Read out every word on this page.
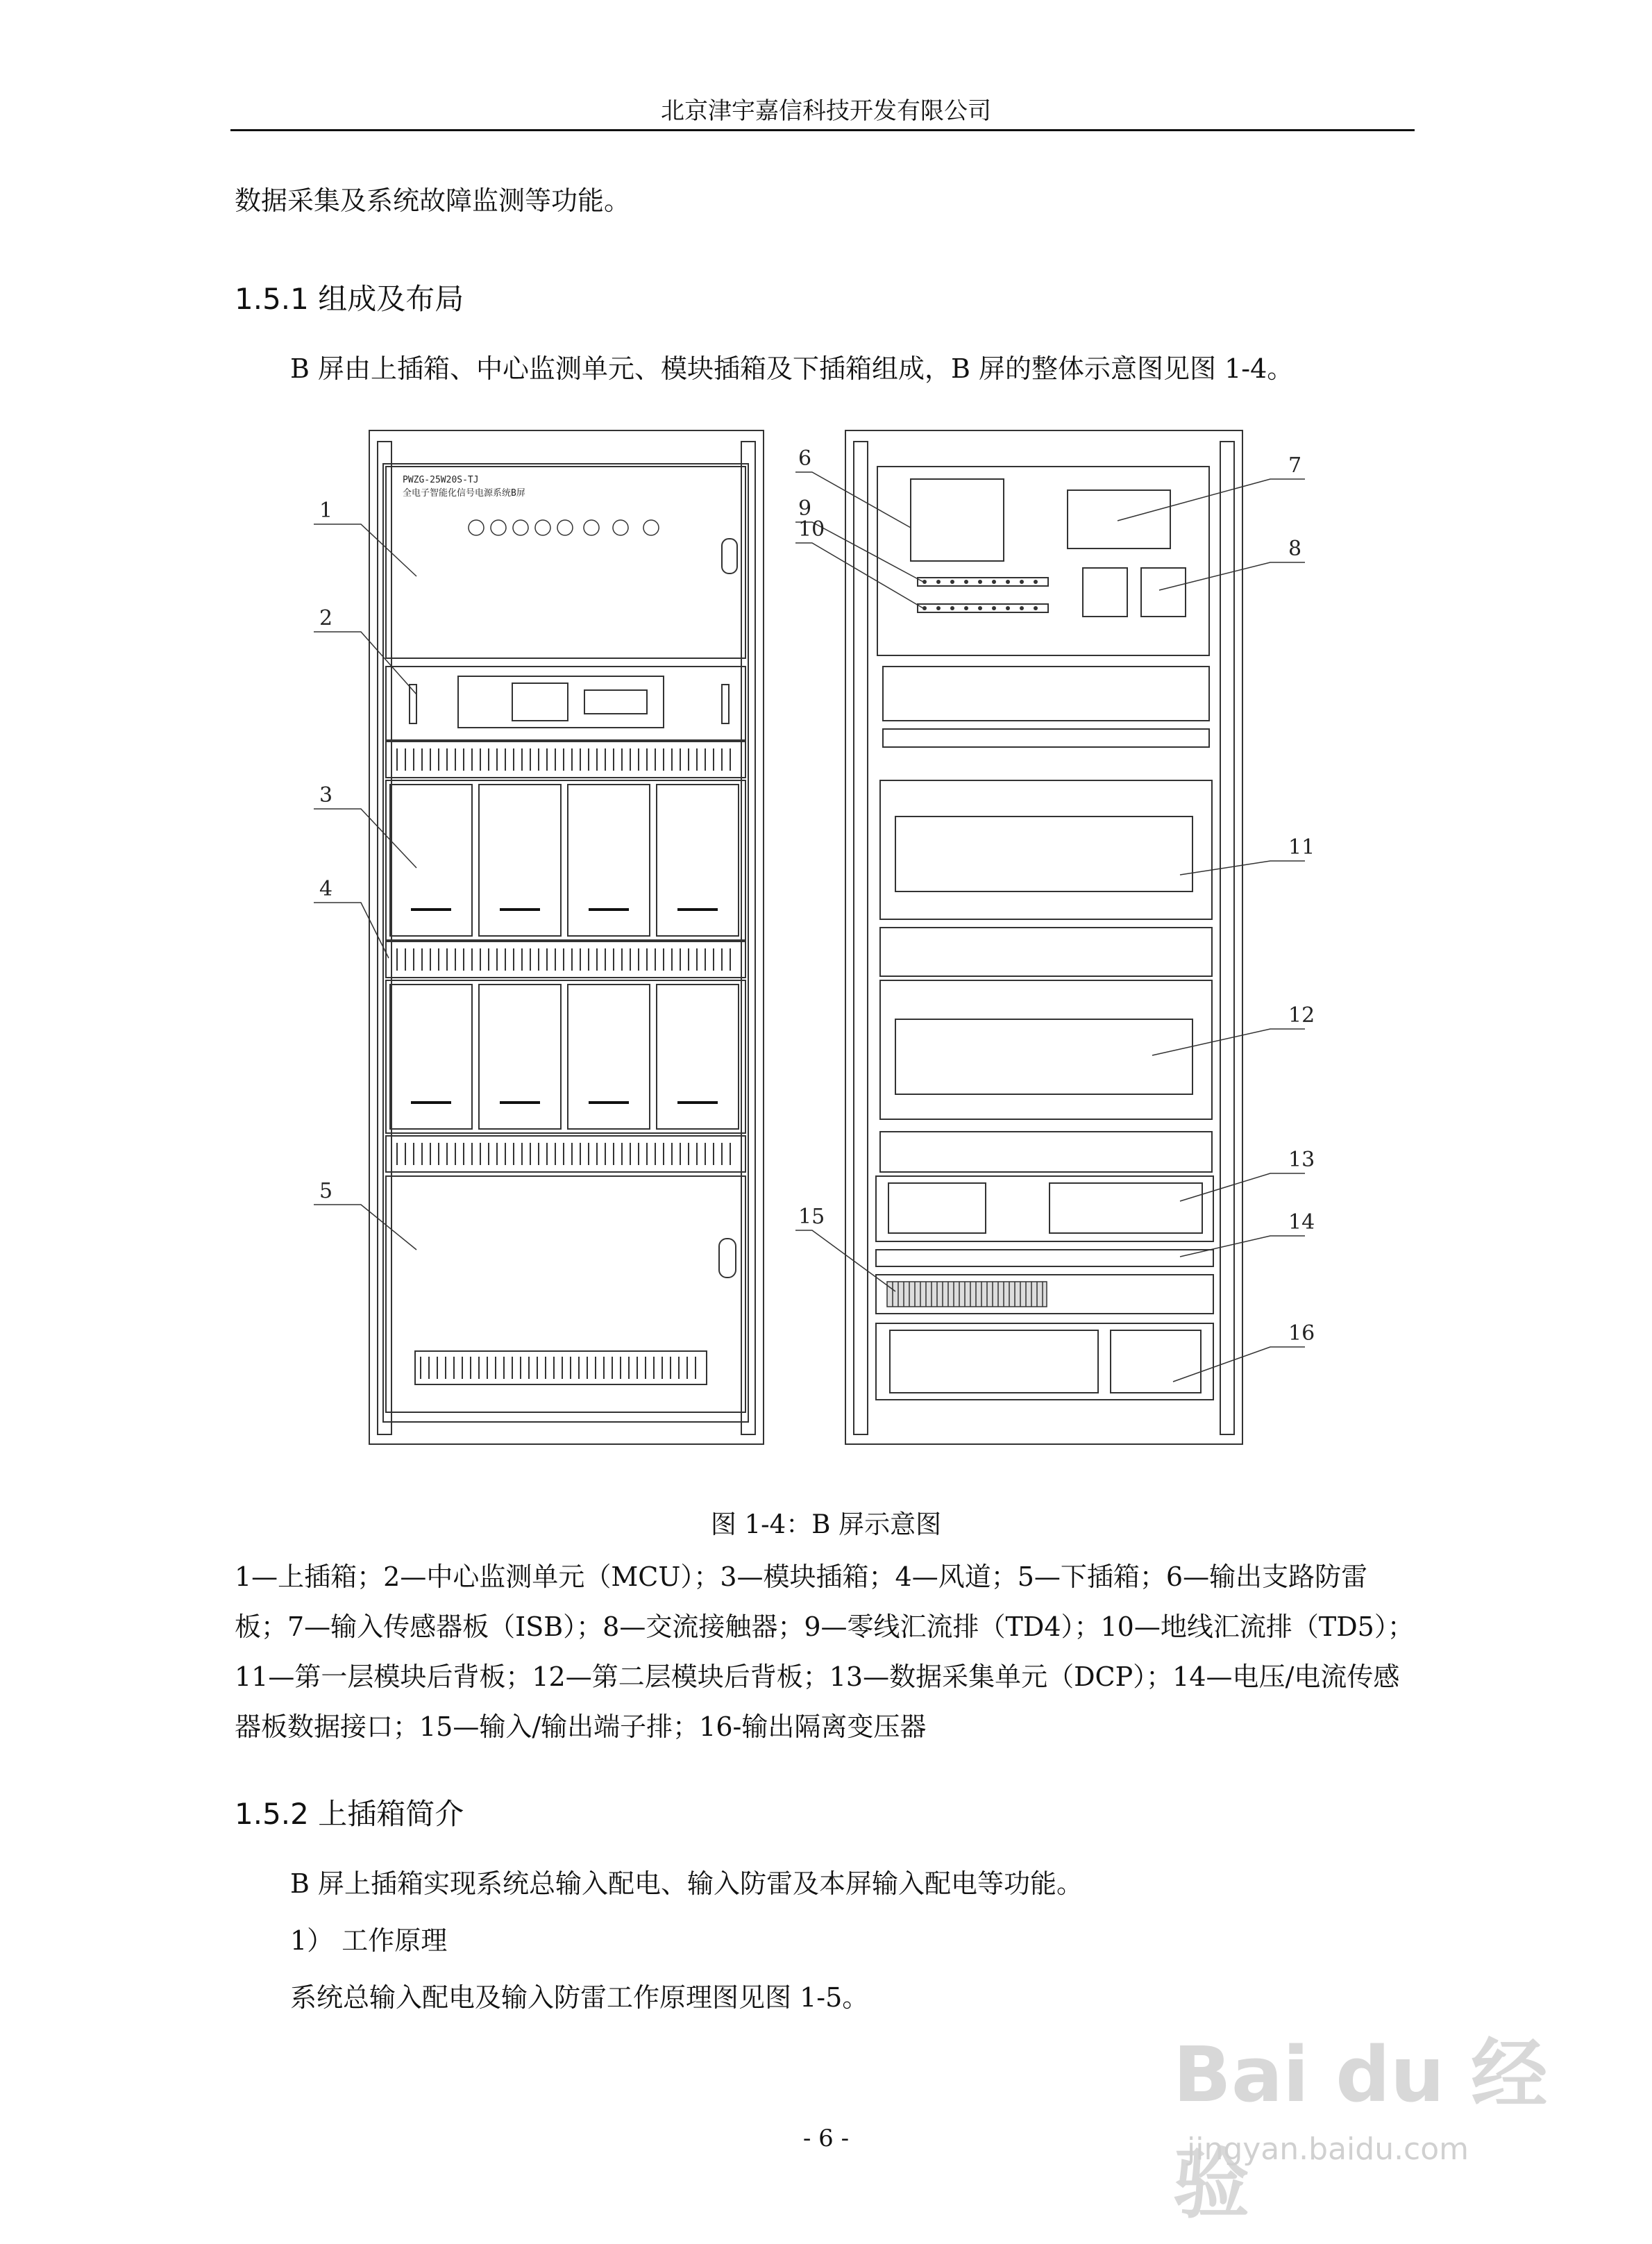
北京津宇嘉信科技开发有限公司
数据采集及系统故障监测等功能。
1.5.1 组成及布局
B 屏由上插箱、中心监测单元、模块插箱及下插箱组成，B 屏的整体示意图见图 1-4。
1
2
3
4
5
6	7
8
9
10
11
12
13
14
15
16
PWZG-25W20S-TJ
全电子智能化信号电源系统B屏
图 1-4：B 屏示意图
1—上插箱；2—中心监测单元（MCU）；3—模块插箱；4—风道；5—下插箱；6—输出支路防雷板；7—输入传感器板（ISB）；8—交流接触器；9—零线汇流排（TD4）；10—地线汇流排（TD5）；11—第一层模块后背板；12—第二层模块后背板；13—数据采集单元（DCP）；14—电压/电流传感器板数据接口；15—输入/输出端子排；16-输出隔离变压器
1.5.2 上插箱简介
B 屏上插箱实现系统总输入配电、输入防雷及本屏输入配电等功能。
1） 工作原理
系统总输入配电及输入防雷工作原理图见图 1-5。
- 6 -
Bai du 经验
jingyan.baidu.com
